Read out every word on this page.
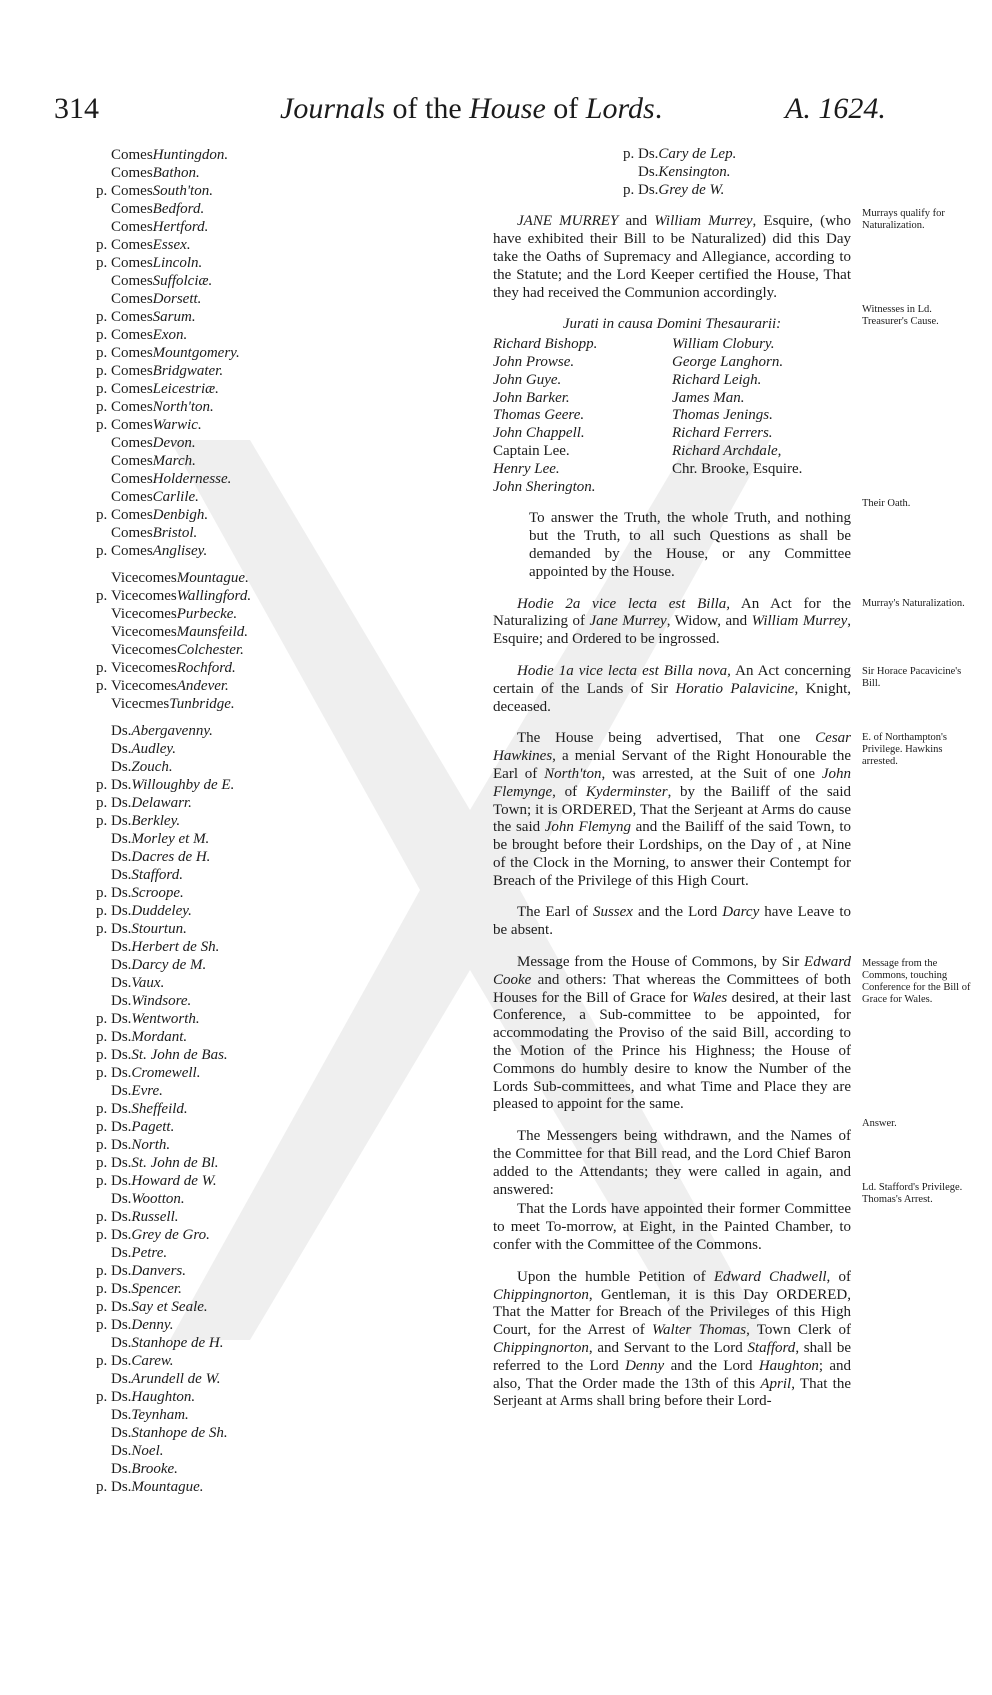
314	Journals of the House of Lords.	A. 1624.
Comes Huntingdon.
Comes Bathon.
p. Comes South'ton.
Comes Bedford.
Comes Hertford.
p. Comes Essex.
p. Comes Lincoln.
Comes Suffolciæ.
Comes Dorsett.
p. Comes Sarum.
p. Comes Exon.
p. Comes Mountgomery.
p. Comes Bridgwater.
p. Comes Leicestriæ.
p. Comes North'ton.
p. Comes Warwic.
Comes Devon.
Comes March.
Comes Holdernesse.
Comes Carlile.
p. Comes Denbigh.
Comes Bristol.
p. Comes Anglisey.
Vicecomes Mountague.
p. Vicecomes Wallingford.
Vicecomes Purbecke.
Vicecomes Maunsfeild.
Vicecomes Colchester.
p. Vicecomes Rochford.
p. Vicecomes Andever.
Vicecmes Tunbridge.
Ds. Abergavenny.
Ds. Audley.
Ds. Zouch.
p. Ds. Willoughby de E.
p. Ds. Delawarr.
p. Ds. Berkley.
Ds. Morley et M.
Ds. Dacres de H.
Ds. Stafford.
p. Ds. Scroope.
p. Ds. Duddeley.
p. Ds. Stourtun.
Ds. Herbert de Sh.
Ds. Darcy de M.
Ds. Vaux.
Ds. Windsore.
p. Ds. Wentworth.
p. Ds. Mordant.
p. Ds. St. John de Bas.
p. Ds. Cromewell.
Ds. Evre.
p. Ds. Sheffeild.
p. Ds. Pagett.
p. Ds. North.
p. Ds. St. John de Bl.
p. Ds. Howard de W.
Ds. Wootton.
p. Ds. Russell.
p. Ds. Grey de Gro.
Ds. Petre.
p. Ds. Danvers.
p. Ds. Spencer.
p. Ds. Say et Seale.
p. Ds. Denny.
Ds. Stanhope de H.
p. Ds. Carew.
Ds. Arundell de W.
p. Ds. Haughton.
Ds. Teynham.
Ds. Stanhope de Sh.
Ds. Noel.
Ds. Brooke.
p. Ds. Mountague.
p. Ds. Cary de Lep.
Ds. Kensington.
p. Ds. Grey de W.

JANE MURREY and William Murrey, Esquire, (who have exhibited their Bill to be Naturalized) did this Day take the Oaths of Supremacy and Allegiance, according to the Statute; and the Lord Keeper certified the House, That they had received the Communion accordingly.

Jurati in causa Domini Thesaurarii:
Richard Bishopp.
John Prowse.
John Guye.
John Barker.
Thomas Geere.
John Chappell.
Captain Lee.
Henry Lee.
John Sherington.
William Clobury.
George Langhorn.
Richard Leigh.
James Man.
Thomas Jenings.
Richard Ferrers.
Richard Archdale,
Chr. Brooke, Esquire.

To answer the Truth, the whole Truth, and nothing but the Truth, to all such Questions as shall be demanded by the House, or any Committee appointed by the House.

Hodie 2a vice lecta est Billa, An Act for the Naturalizing of Jane Murrey, Widow, and William Murrey, Esquire; and Ordered to be ingrossed.

Hodie 1a vice lecta est Billa nova, An Act concerning certain of the Lands of Sir Horatio Palavicine, Knight, deceased.

The House being advertised, That one Cesar Hawkines, a menial Servant of the Right Honourable the Earl of North'ton, was arrested, at the Suit of one John Flemynge, of Kyderminster, by the Bailiff of the said Town; it is ORDERED, That the Serjeant at Arms do cause the said John Flemyng and the Bailiff of the said Town, to be brought before their Lordships, on the Day of , at Nine of the Clock in the Morning, to answer their Contempt for Breach of the Privilege of this High Court.

The Earl of Sussex and the Lord Darcy have Leave to be absent.

Message from the House of Commons, by Sir Edward Cooke and others: That whereas the Committees of both Houses for the Bill of Grace for Wales desired, at their last Conference, a Sub-committee to be appointed, for accommodating the Proviso of the said Bill, according to the Motion of the Prince his Highness; the House of Commons do humbly desire to know the Number of the Lords Sub-committees, and what Time and Place they are pleased to appoint for the same.

The Messengers being withdrawn, and the Names of the Committee for that Bill read, and the Lord Chief Baron added to the Attendants; they were called in again, and answered:

That the Lords have appointed their former Committee to meet To-morrow, at Eight, in the Painted Chamber, to confer with the Committee of the Commons.

Upon the humble Petition of Edward Chadwell, of Chippingnorton, Gentleman, it is this Day ORDERED, That the Matter for Breach of the Privileges of this High Court, for the Arrest of Walter Thomas, Town Clerk of Chippingnorton, and Servant to the Lord Stafford, shall be referred to the Lord Denny and the Lord Haughton; and also, That the Order made the 13th of this April, That the Serjeant at Arms shall bring before their Lord-

Murrays qualify for Naturalization.
Witnesses in Ld. Treasurer's Cause.
Their Oath.
Murray's Naturalization.
Sir Horace Pacavicine's Bill.
E. of Northampton's Privilege. Hawkins arrested.
Message from the Commons, touching Conference for the Bill of Grace for Wales.
Answer.
Ld. Stafford's Privilege. Thomas's Arrest.
